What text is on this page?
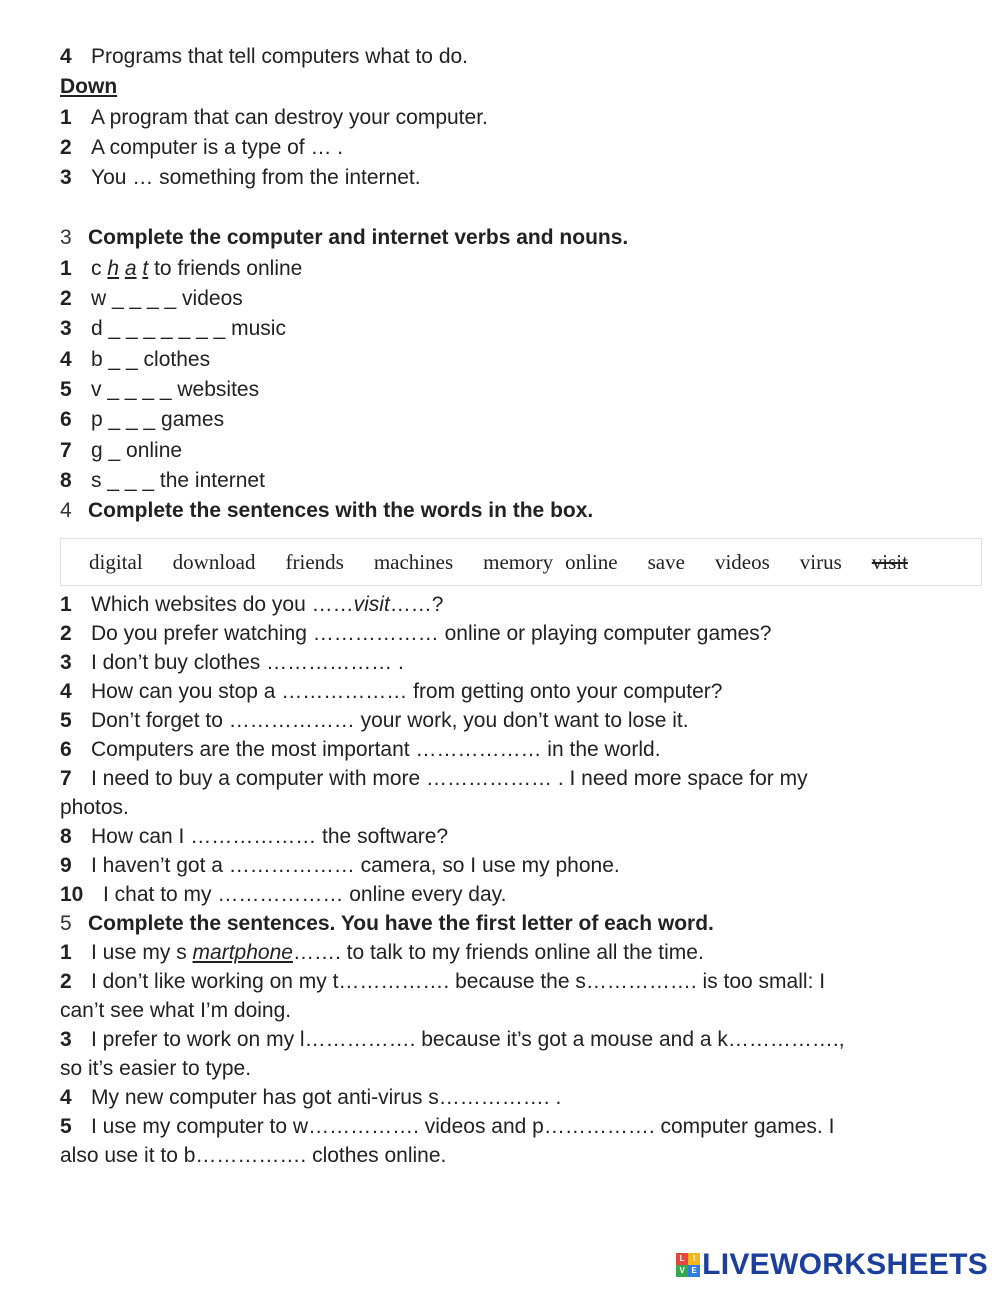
4 Programs that tell computers what to do.
Down
1 A program that can destroy your computer.
2 A computer is a type of … .
3 You … something from the internet.
3 Complete the computer and internet verbs and nouns.
1 c h a t to friends online
2 w _ _ _ _ videos
3 d _ _ _ _ _ _ _ music
4 b _ _ clothes
5 v _ _ _ _ websites
6 p _ _ _ games
7 g _ online
8 s _ _ _ the internet
4 Complete the sentences with the words in the box.
digital download friends machines memory online save videos virus visit
1 Which websites do you ……visit……?
2 Do you prefer watching ……………… online or playing computer games?
3 I don’t buy clothes ……………… .
4 How can you stop a ……………… from getting onto your computer?
5 Don’t forget to ……………… your work, you don’t want to lose it.
6 Computers are the most important ……………… in the world.
7 I need to buy a computer with more ……………… . I need more space for my
photos.
8 How can I ……………… the software?
9 I haven’t got a ……………… camera, so I use my phone.
10 I chat to my ……………… online every day.
5 Complete the sentences. You have the first letter of each word.
1 I use my s martphone……. to talk to my friends online all the time.
2 I don’t like working on my t……………. because the s……………. is too small: I
can’t see what I’m doing.
3 I prefer to work on my l……………. because it’s got a mouse and a k…………….,
so it’s easier to type.
4 My new computer has got anti-virus s……………. .
5 I use my computer to w……………. videos and p……………. computer games. I
also use it to b……………. clothes online.
L	I
V E LIVEWORKSHEETS
